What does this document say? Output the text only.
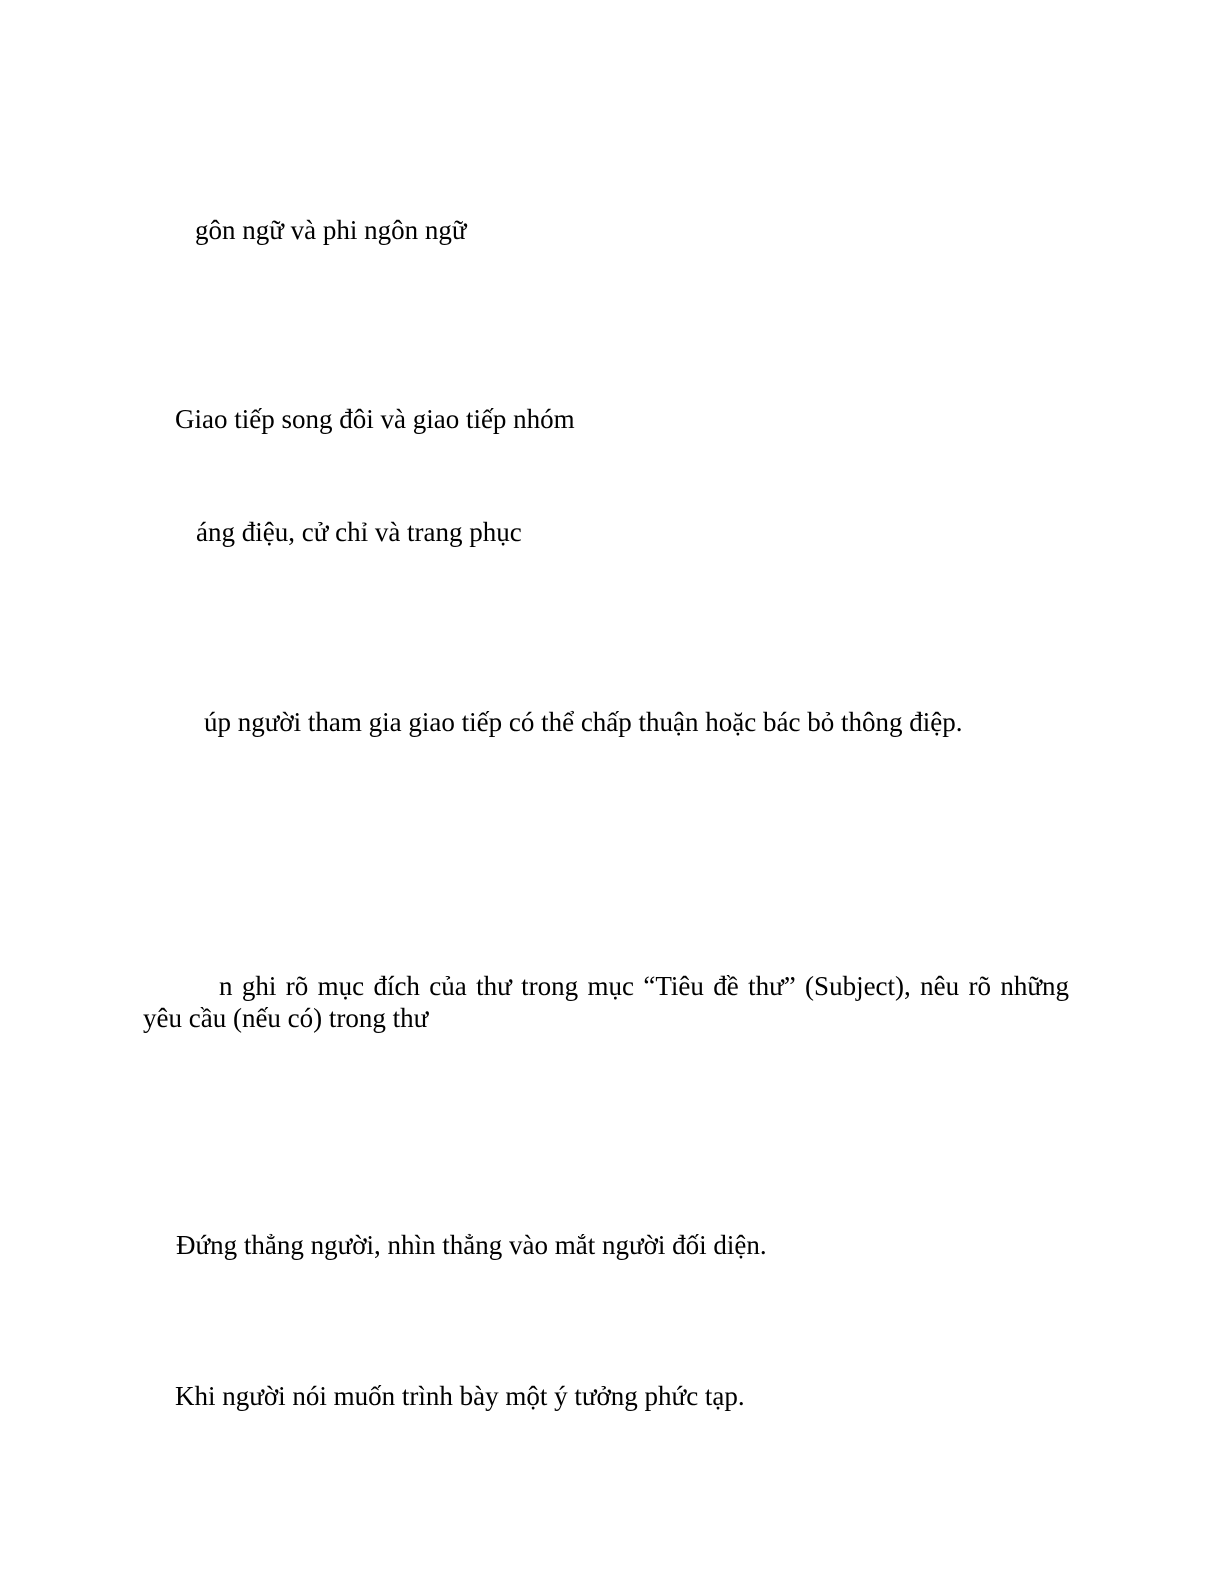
gôn ngữ và phi ngôn ngữ
Giao tiếp song đôi và giao tiếp nhóm
áng điệu, cử chỉ và trang phục
úp người tham gia giao tiếp có thể chấp thuận hoặc bác bỏ thông điệp.
n ghi rõ mục đích của thư trong mục “Tiêu đề thư” (Subject), nêu rõ những
yêu cầu (nếu có) trong thư
Đứng thẳng người, nhìn thẳng vào mắt người đối diện.
Khi người nói muốn trình bày một ý tưởng phức tạp.
